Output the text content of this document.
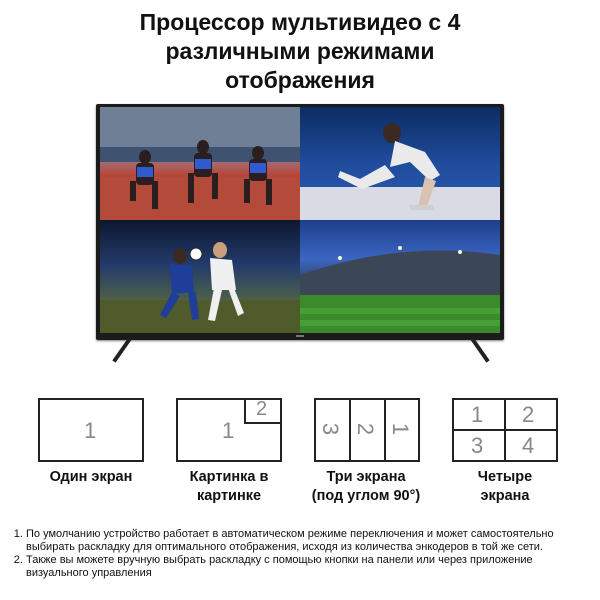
Процессор мультивидео с 4
различными режимами
отображения
1
Один экран
1
2
Картинка в
картинке
3 2 1
Три экрана
(под углом 90°)
1 2
3 4
Четыре
экрана
1. По умолчанию устройство работает в автоматическом режиме переключения и может самостоятельно выбирать раскладку для оптимального отображения, исходя из количества энкодеров в той же сети.
2. Также вы можете вручную выбрать раскладку с помощью кнопки на панели или через приложение визуального управления
